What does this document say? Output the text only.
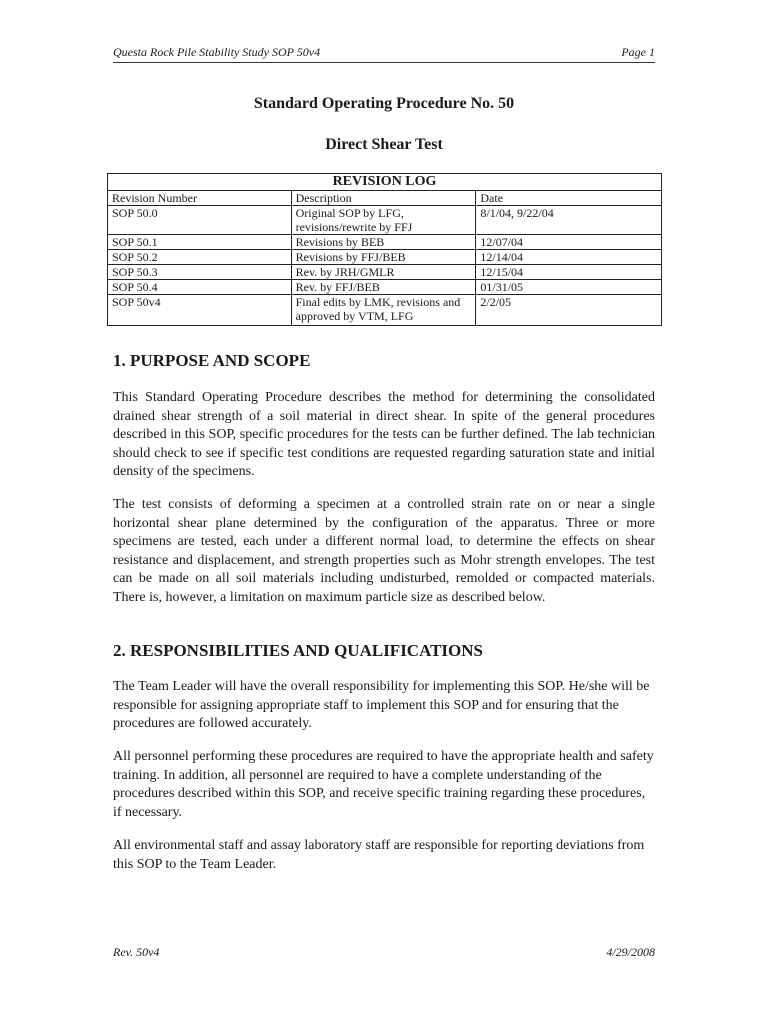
Questa Rock Pile Stability Study SOP 50v4	Page 1
Standard Operating Procedure No. 50
Direct Shear Test
REVISION LOG		
Revision Number	Description	Date
SOP 50.0	Original SOP by LFG, revisions/rewrite by FFJ	8/1/04, 9/22/04
SOP 50.1	Revisions by BEB	12/07/04
SOP 50.2	Revisions by FFJ/BEB	12/14/04
SOP 50.3	Rev. by JRH/GMLR	12/15/04
SOP 50.4	Rev. by FFJ/BEB	01/31/05
SOP 50v4	Final edits by LMK, revisions and approved by VTM, LFG	2/2/05
1. PURPOSE AND SCOPE

This Standard Operating Procedure describes the method for determining the consolidated drained shear strength of a soil material in direct shear. In spite of the general procedures described in this SOP, specific procedures for the tests can be further defined. The lab technician should check to see if specific test conditions are requested regarding saturation state and initial density of the specimens.

The test consists of deforming a specimen at a controlled strain rate on or near a single horizontal shear plane determined by the configuration of the apparatus. Three or more specimens are tested, each under a different normal load, to determine the effects on shear resistance and displacement, and strength properties such as Mohr strength envelopes. The test can be made on all soil materials including undisturbed, remolded or compacted materials. There is, however, a limitation on maximum particle size as described below.

2. RESPONSIBILITIES AND QUALIFICATIONS

The Team Leader will have the overall responsibility for implementing this SOP. He/she will be responsible for assigning appropriate staff to implement this SOP and for ensuring that the procedures are followed accurately.

All personnel performing these procedures are required to have the appropriate health and safety training. In addition, all personnel are required to have a complete understanding of the procedures described within this SOP, and receive specific training regarding these procedures, if necessary.

All environmental staff and assay laboratory staff are responsible for reporting deviations from this SOP to the Team Leader.

Rev. 50v4	4/29/2008
